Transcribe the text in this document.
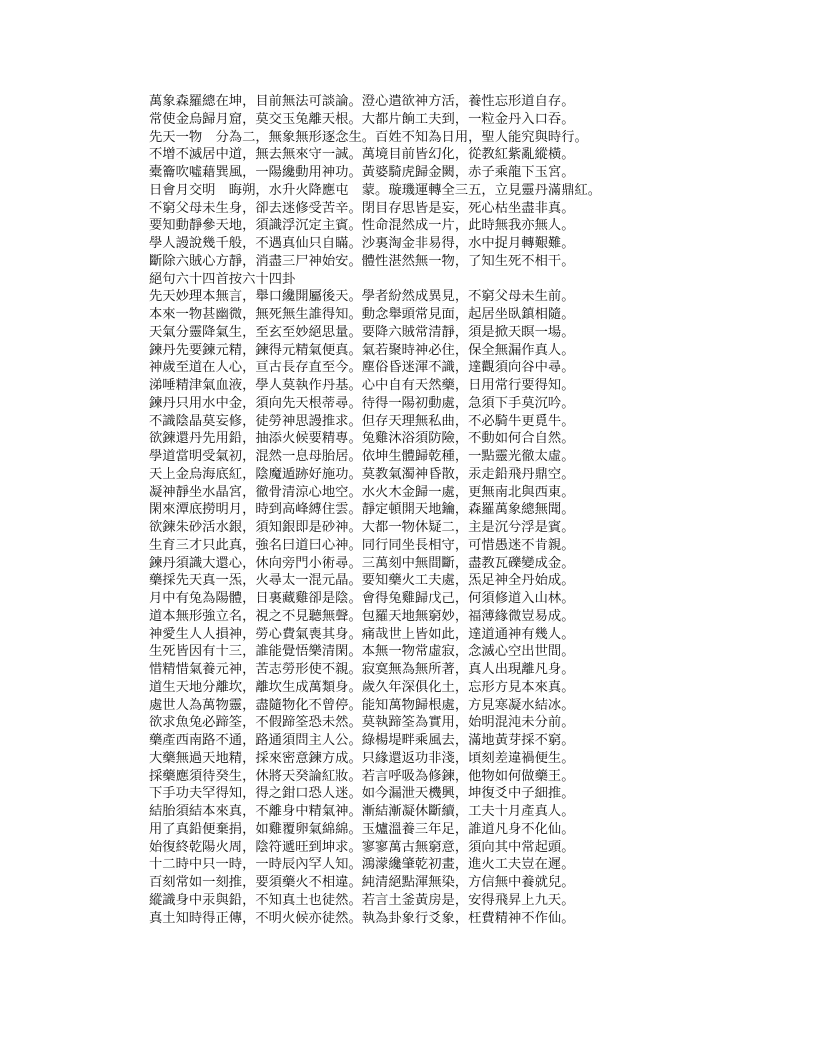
萬象森羅總在坤，目前無法可談論。澄心遣欲神方活，養性忘形道自存。
常使金烏歸月窟，莫交玉兔離天根。大都片餉工夫到，一粒金丹入口吞。
先天一物　分為二，無象無形逐念生。百姓不知為日用，聖人能究與時行。
不增不滅居中道，無去無來守一誠。萬境目前皆幻化，從教紅紫亂縱橫。
橐籥吹噓藉巽風，一陽纔動用神功。黃婆騎虎歸金闕，赤子乘龍下玉宮。
日會月交明　晦朔，水升火降應屯　蒙。璇璣運轉全三五，立見靈丹滿鼎紅。
不窮父母未生身，卻去迷修受苦辛。閉目存思皆是妄，死心枯坐盡非真。
要知動靜參天地，須識浮沉定主賓。性命混然成一片，此時無我亦無人。
學人謾說幾千般，不遇真仙只自瞞。沙裏淘金非易得，水中捉月轉艱難。
斷除六賊心方靜，消盡三尸神始安。體性湛然無一物，了知生死不相干。
絕句六十四首按六十四卦
先天妙理本無言，舉口纔開屬後天。學者紛然成異見，不窮父母未生前。
本來一物甚幽微，無死無生誰得知。動念舉頭常見面，起居坐臥鎮相隨。
天氣分靈降氣生，至玄至妙絕思量。要降六賊常清靜，須是掀天瞑一場。
鍊丹先要鍊元精，鍊得元精氣便真。氣若聚時神必住，保全無漏作真人。
神歲至道在人心，亘古長存直至今。塵俗昏迷渾不識，達觀須向谷中尋。
涕唾精津氣血液，學人莫執作丹基。心中自有天然藥，日用常行要得知。
鍊丹只用水中金，須向先天根蒂尋。待得一陽初動處，急須下手莫沉吟。
不識陰晶莫妄修，徒勞神思謾推求。但存天理無私曲，不必騎牛更覓牛。
欲鍊還丹先用鉛，抽添火候要精專。兔雞沐浴須防險，不動如何合自然。
學道當明受氣初，混然一息母胎居。依坤生體歸乾種，一點靈光徹太虛。
天上金烏海底紅，陰魔遁跡好施功。莫教氣濁神昏散，汞走鉛飛丹鼎空。
凝神靜坐水晶宮，徹骨清涼心地空。水火木金歸一處，更無南北與西東。
閑來潭底撈明月，時到高峰縛住雲。靜定頓開天地鑰，森羅萬象總無聞。
欲鍊朱砂活水銀，須知銀即是砂神。大都一物休疑二，主是沉兮浮是賓。
生育三才只此真，強名曰道曰心神。同行同坐長相守，可惜愚迷不肯親。
鍊丹須識大還心，休向旁門小術尋。三萬刻中無間斷，盡教瓦礫變成金。
藥採先天真一炁，火尋太一混元晶。要知藥火工夫處，炁足神全丹始成。
月中有兔為陽體，日裏藏雞卻是陰。會得兔雞歸戊己，何須修道入山林。
道本無形強立名，視之不見聽無聲。包羅天地無窮妙，福薄緣微豈易成。
神愛生人人損神，勞心費氣喪其身。痛哉世上皆如此，達道通神有幾人。
生死皆因有十三，誰能覺悟樂清閑。本無一物常虛寂，念滅心空出世間。
惜精惜氣養元神，苦志勞形使不親。寂寞無為無所著，真人出現離凡身。
道生天地分離坎，離坎生成萬類身。歲久年深俱化土，忘形方見本來真。
處世人為萬物靈，盡隨物化不曾停。能知萬物歸根處，方見寒凝水結冰。
欲求魚兔必蹄筌，不假蹄筌恐未然。莫執蹄筌為實用，始明混沌未分前。
藥產西南路不通，路通須問主人公。綠楊堤畔乘風去，滿地黃芽採不窮。
大藥無過天地精，採來密意鍊方成。只緣還返功非淺，頃刻差違禍便生。
採藥應須待癸生，休將天癸論紅妝。若言呼吸為修鍊，他物如何做藥王。
下手功夫罕得知，得之鉗口恐人迷。如今漏泄天機興，坤復爻中子細推。
結胎須結本來真，不離身中精氣神。漸結漸凝休斷續，工夫十月產真人。
用了真鉛便棄捐，如雞覆卵氣綿綿。玉爐溫養三年足，誰道凡身不化仙。
始復終乾陽火周，陰符遞旺到坤求。寥寥萬古無窮意，須向其中常起頭。
十二時中只一時，一時辰內罕人知。鴻濛纔肇乾初畫，進火工夫豈在遲。
百刻常如一刻推，要須藥火不相違。純清絕點渾無染，方信無中養就兒。
縱識身中汞與鉛，不知真土也徒然。若言土釜黃房是，安得飛昇上九天。
真土知時得正傳，不明火候亦徒然。執為卦象行爻象，枉費精神不作仙。
